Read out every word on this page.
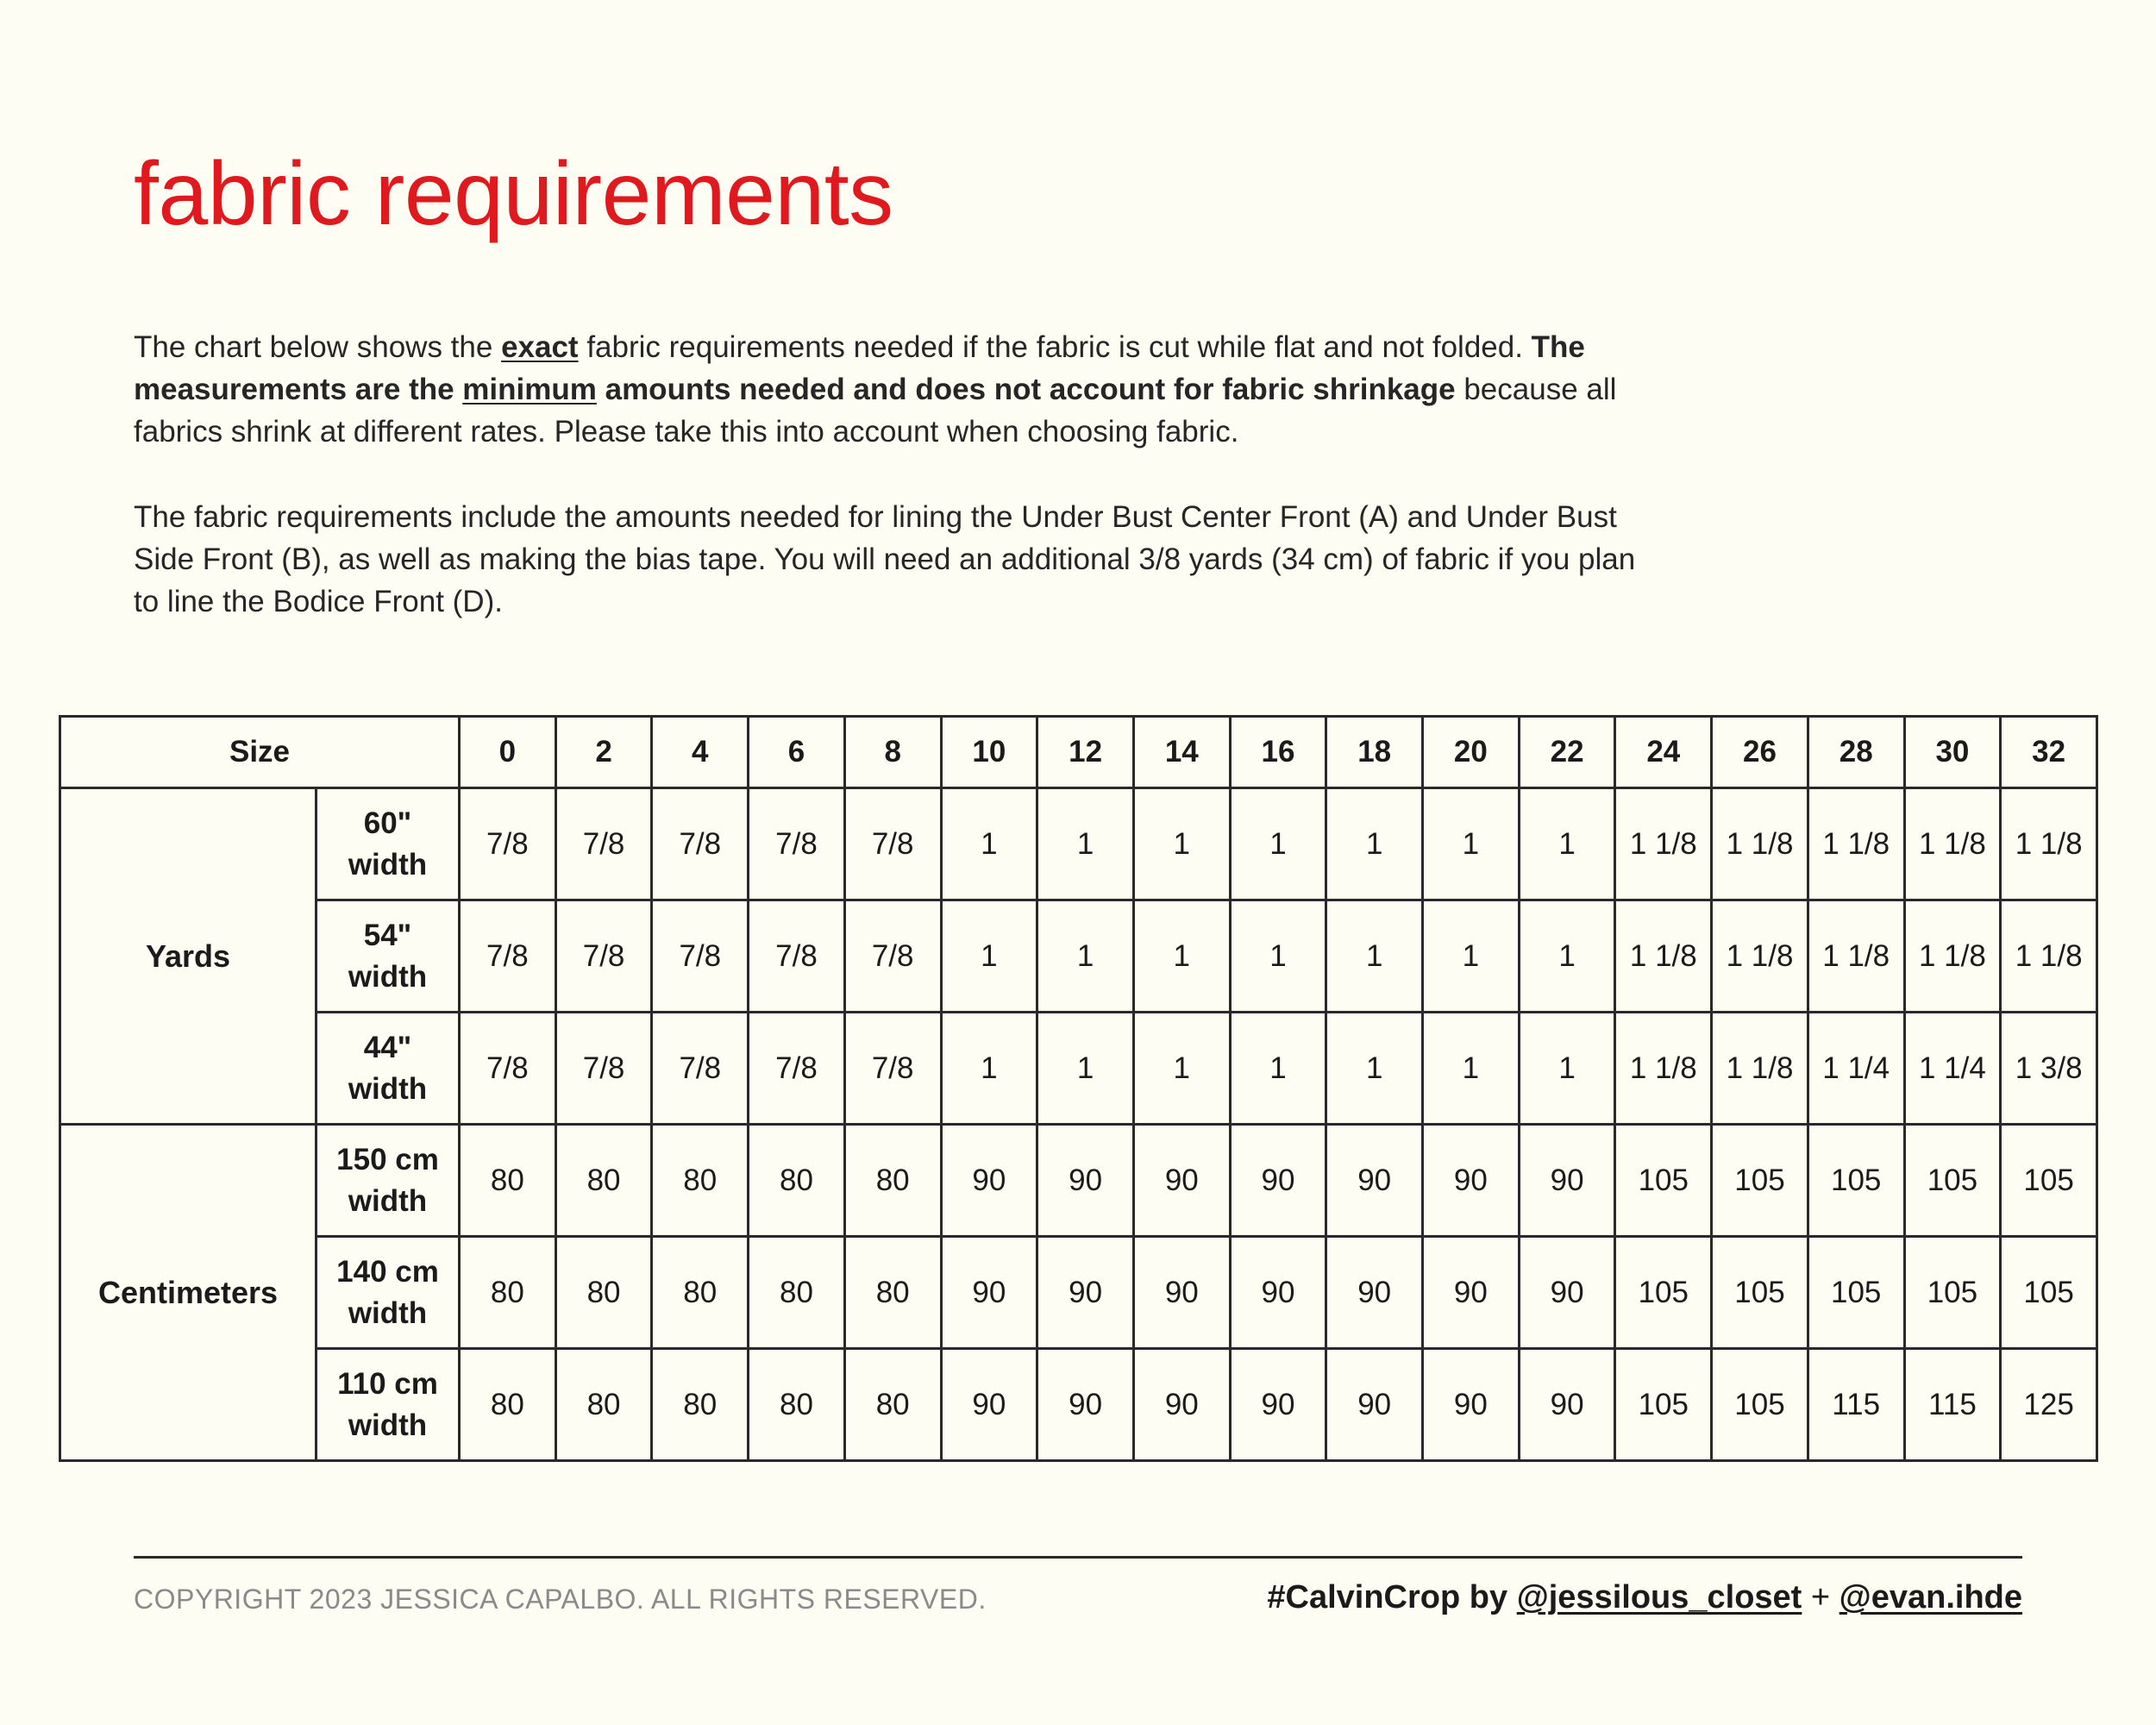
fabric requirements

The chart below shows the exact fabric requirements needed if the fabric is cut while flat and not folded. The measurements are the minimum amounts needed and does not account for fabric shrinkage because all fabrics shrink at different rates. Please take this into account when choosing fabric.

The fabric requirements include the amounts needed for lining the Under Bust Center Front (A) and Under Bust Side Front (B), as well as making the bias tape. You will need an additional 3/8 yards (34 cm) of fabric if you plan to line the Bodice Front (D).

Size		0	2	4	6	8	10	12	14	16	18	20	22	24	26	28	30	32
Yards	60"
width	7/8	7/8	7/8	7/8	7/8	1	1	1	1	1	1	1	1 1/8	1 1/8	1 1/8	1 1/8	1 1/8

	54"
width	7/8	7/8	7/8	7/8	7/8	1	1	1	1	1	1	1	1 1/8	1 1/8	1 1/8	1 1/8	1 1/8

	44"
width	7/8	7/8	7/8	7/8	7/8	1	1	1	1	1	1	1	1 1/8	1 1/8	1 1/4	1 1/4	1 3/8
Centimeters	150 cm
width	80	80	80	80	80	90	90	90	90	90	90	90	105	105	105	105	105

	140 cm
width	80	80	80	80	80	90	90	90	90	90	90	90	105	105	105	105	105

	110 cm
width	80	80	80	80	80	90	90	90	90	90	90	90	105	105	115	115	125
COPYRIGHT 2023 JESSICA CAPALBO. ALL RIGHTS RESERVED.	#CalvinCrop by @jessilous_closet + @evan.ihde
